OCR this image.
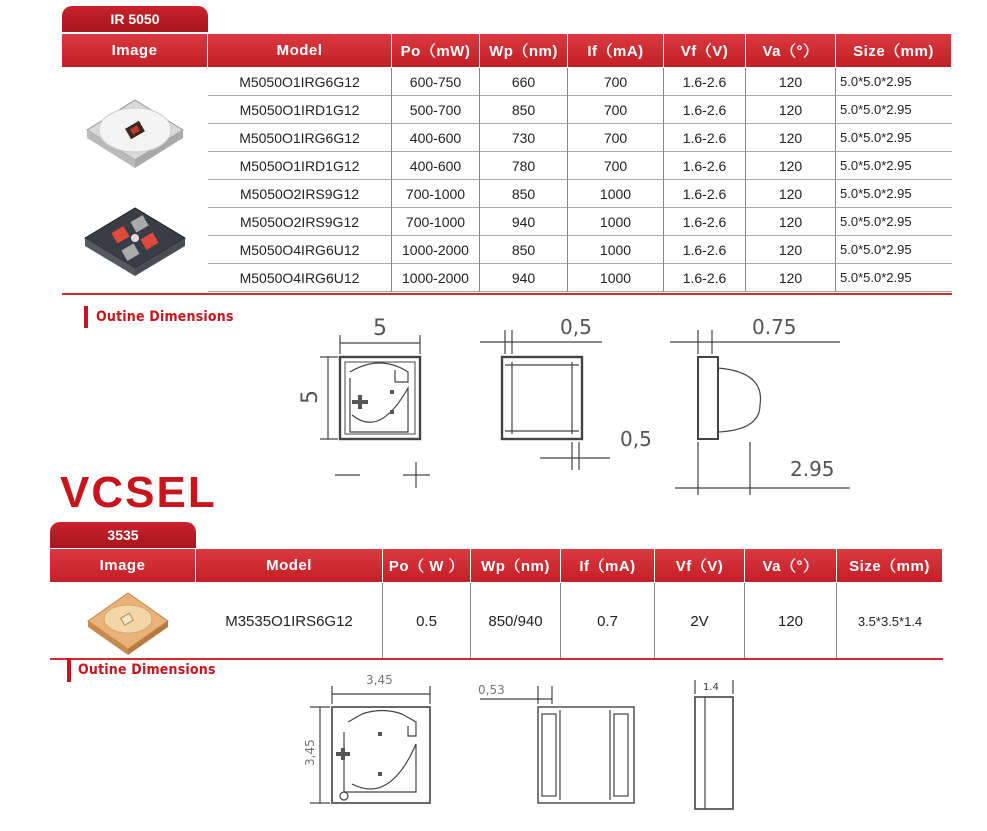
IR 5050
Image	Model	Po（mW)	Wp（nm)	If（mA)	Vf（V)	Va（°）	Size（mm)
M5050O1IRG6G12	600-750	660	700	1.6-2.6	120	5.0*5.0*2.95
M5050O1IRD1G12	500-700	850	700	1.6-2.6	120	5.0*5.0*2.95
M5050O1IRG6G12	400-600	730	700	1.6-2.6	120	5.0*5.0*2.95
M5050O1IRD1G12	400-600	780	700	1.6-2.6	120	5.0*5.0*2.95
M5050O2IRS9G12	700-1000	850	1000	1.6-2.6	120	5.0*5.0*2.95
M5050O2IRS9G12	700-1000	940	1000	1.6-2.6	120	5.0*5.0*2.95
M5050O4IRG6U12	1000-2000	850	1000	1.6-2.6	120	5.0*5.0*2.95
M5050O4IRG6U12	1000-2000	940	1000	1.6-2.6	120	5.0*5.0*2.95
Outine Dimensions	5
5
0,5
0,5
0.75
2.95
VCSEL
3535
Image	Model	Po（ W ）	Wp（nm)	If（mA)	Vf（V)	Va（°）	Size（mm)
M3535O1IRS6G12	0.5	850/940	0.7	2V	120	3.5*3.5*1.4
Outine Dimensions
3,45
3,45
0,53	1.4
